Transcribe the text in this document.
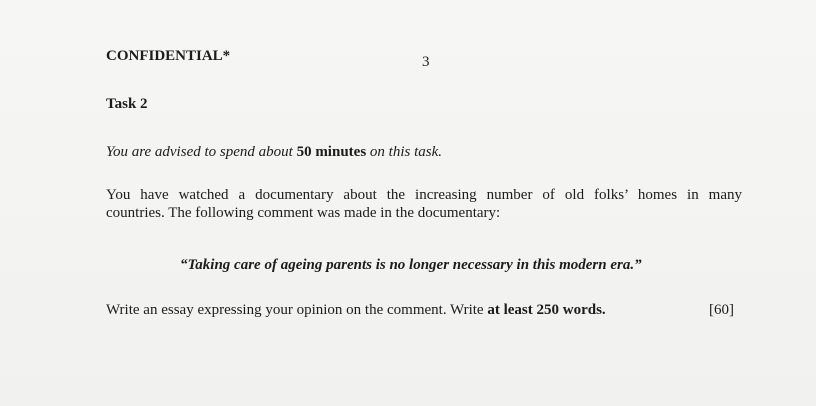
CONFIDENTIAL*	3
Task 2
You are advised to spend about 50 minutes on this task.
You have watched a documentary about the increasing number of old folks’ homes in many
countries. The following comment was made in the documentary:
“Taking care of ageing parents is no longer necessary in this modern era.”
Write an essay expressing your opinion on the comment. Write at least 250 words.	[60]
